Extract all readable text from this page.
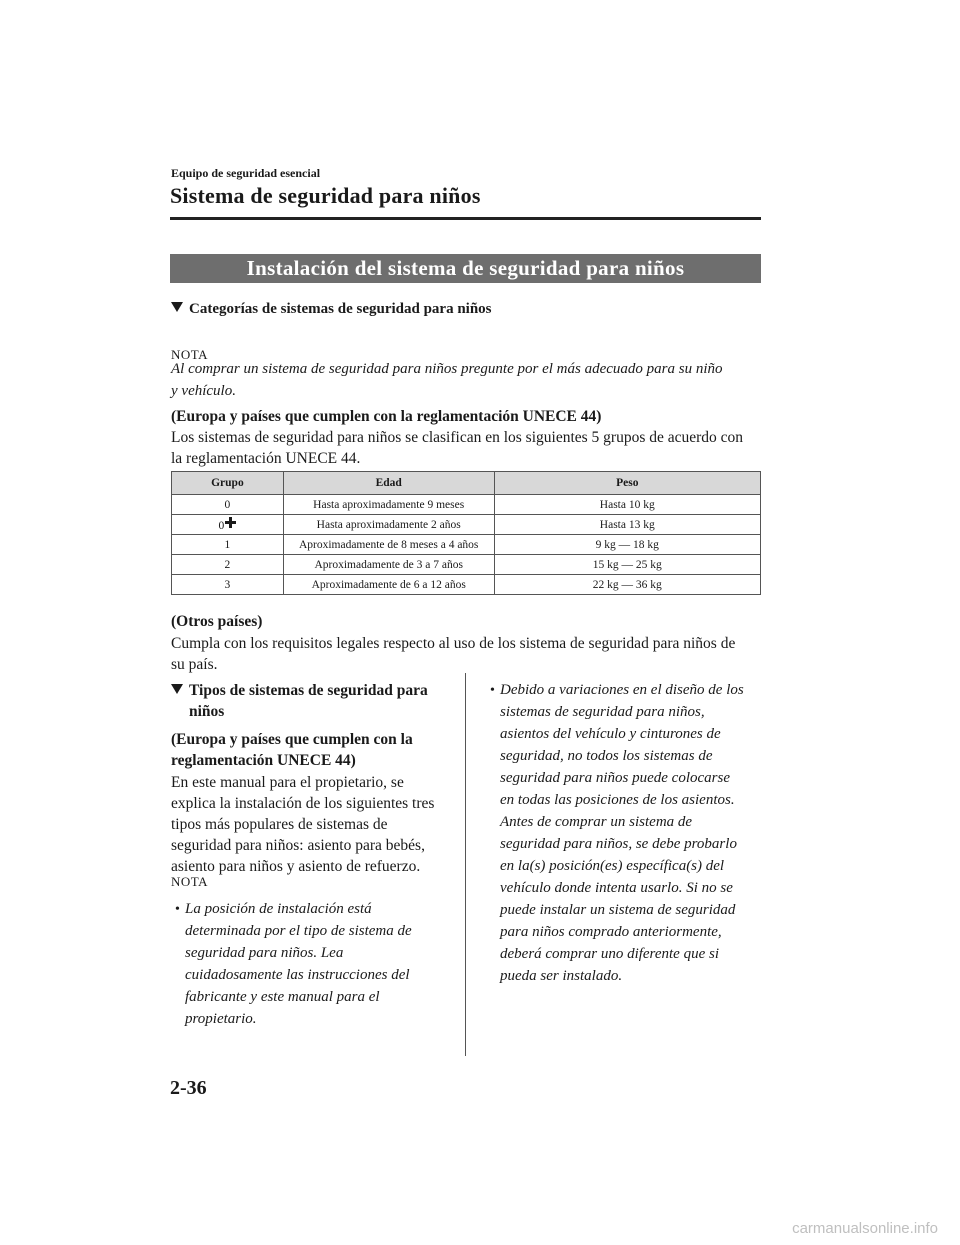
Equipo de seguridad esencial
Sistema de seguridad para niños
Instalación del sistema de seguridad para niños
Categorías de sistemas de seguridad para niños
NOTA

Al comprar un sistema de seguridad para niños pregunte por el más adecuado para su niño

y vehículo.

(Europa y países que cumplen con la reglamentación UNECE 44)

Los sistemas de seguridad para niños se clasifican en los siguientes 5 grupos de acuerdo con

la reglamentación UNECE 44.

Grupo	Edad	Peso
0	Hasta aproximadamente 9 meses	Hasta 10 kg
0	Hasta aproximadamente 2 años	Hasta 13 kg
1	Aproximadamente de 8 meses a 4 años	9 kg ― 18 kg
2	Aproximadamente de 3 a 7 años	15 kg ― 25 kg
3	Aproximadamente de 6 a 12 años	22 kg ― 36 kg
(Otros países)

Cumpla con los requisitos legales respecto al uso de los sistema de seguridad para niños de

su país.

Tipos de sistemas de seguridad para

niños

(Europa y países que cumplen con la

reglamentación UNECE 44)

En este manual para el propietario, se

explica la instalación de los siguientes tres

tipos más populares de sistemas de

seguridad para niños: asiento para bebés,

asiento para niños y asiento de refuerzo.

NOTA
• La posición de instalación está

determinada por el tipo de sistema de

seguridad para niños. Lea

cuidadosamente las instrucciones del

fabricante y este manual para el

propietario.

• Debido a variaciones en el diseño de los

sistemas de seguridad para niños,

asientos del vehículo y cinturones de

seguridad, no todos los sistemas de

seguridad para niños puede colocarse

en todas las posiciones de los asientos.

Antes de comprar un sistema de

seguridad para niños, se debe probarlo

en la(s) posición(es) específica(s) del

vehículo donde intenta usarlo. Si no se

puede instalar un sistema de seguridad

para niños comprado anteriormente,

deberá comprar uno diferente que si

pueda ser instalado.

2-36
carmanualsonline.info
